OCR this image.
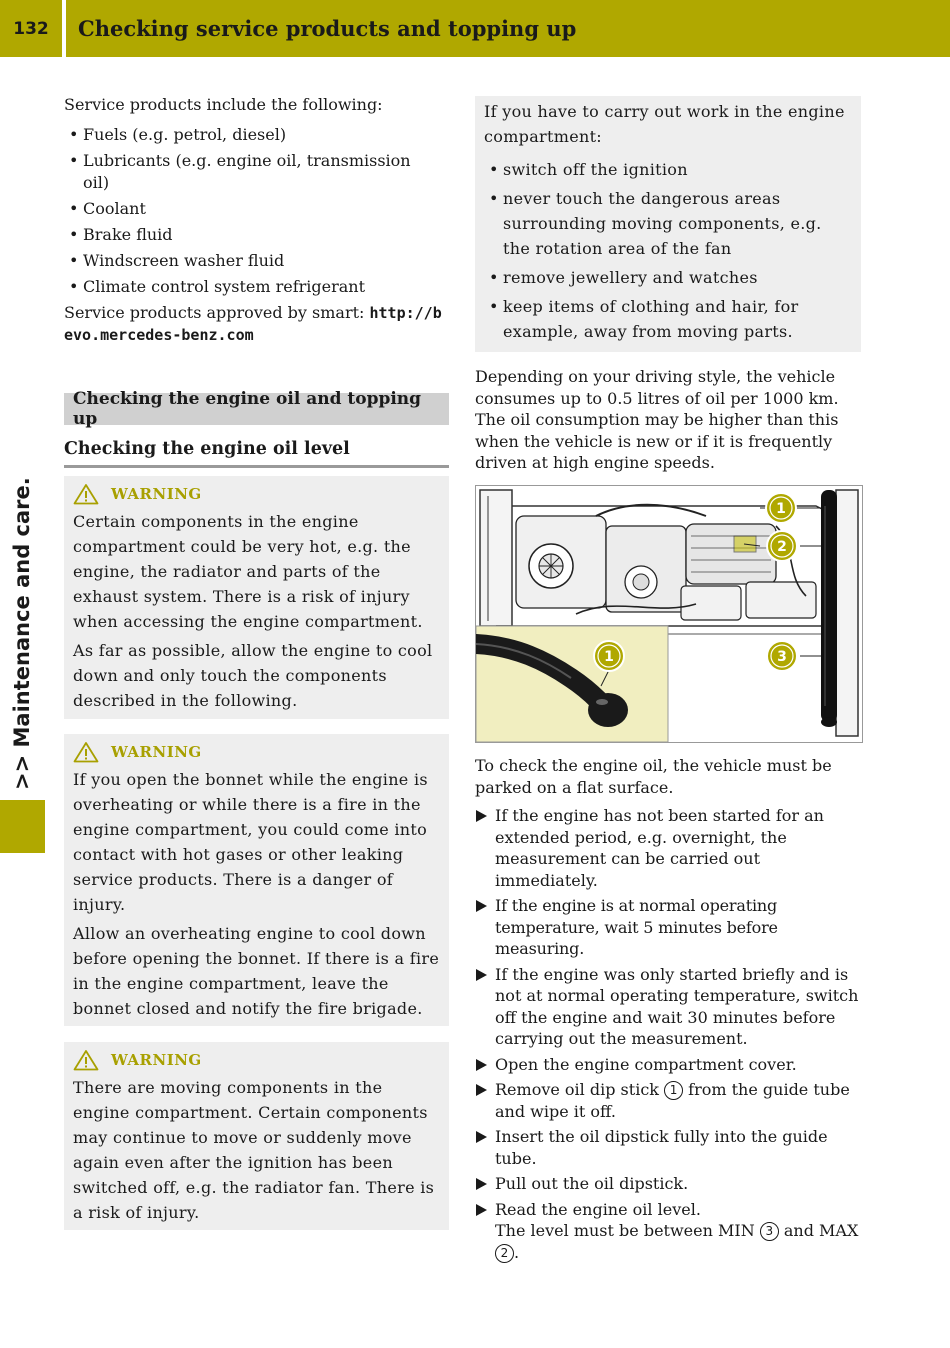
132	Checking service products and topping up
>> Maintenance and care.
Service products include the following:
• Fuels (e.g. petrol, diesel)
• Lubricants (e.g. engine oil, transmission oil)
• Coolant
• Brake fluid
• Windscreen washer fluid
• Climate control system refrigerant
Service products approved by smart: http://bevo.mercedes-benz.com
Checking the engine oil and topping up
Checking the engine oil level
WARNING

Certain components in the engine compartment could be very hot, e.g. the engine, the radiator and parts of the exhaust system. There is a risk of injury when accessing the engine compartment.

As far as possible, allow the engine to cool down and only touch the components described in the following.

WARNING

If you open the bonnet while the engine is overheating or while there is a fire in the engine compartment, you could come into contact with hot gases or other leaking service products. There is a danger of injury.

Allow an overheating engine to cool down before opening the bonnet. If there is a fire in the engine compartment, leave the bonnet closed and notify the fire brigade.

WARNING

There are moving components in the engine compartment. Certain components may continue to move or suddenly move again even after the ignition has been switched off, e.g. the radiator fan. There is a risk of injury.

If you have to carry out work in the engine compartment:
• switch off the ignition
• never touch the dangerous areas surrounding moving components, e.g. the rotation area of the fan
• remove jewellery and watches
• keep items of clothing and hair, for example, away from moving parts.
Depending on your driving style, the vehicle consumes up to 0.5 litres of oil per 1000 km. The oil consumption may be higher than this when the vehicle is new or if it is frequently driven at high engine speeds.
1
2
3
1
To check the engine oil, the vehicle must be parked on a flat surface.
If the engine has not been started for an extended period, e.g. overnight, the measurement can be carried out immediately.
If the engine is at normal operating temperature, wait 5 minutes before measuring.
If the engine was only started briefly and is not at normal operating temperature, switch off the engine and wait 30 minutes before carrying out the measurement.
Open the engine compartment cover.
Remove oil dip stick 1 from the guide tube and wipe it off.
Insert the oil dipstick fully into the guide tube.
Pull out the oil dipstick.
Read the engine oil level.
The level must be between MIN 3 and MAX 2 .
